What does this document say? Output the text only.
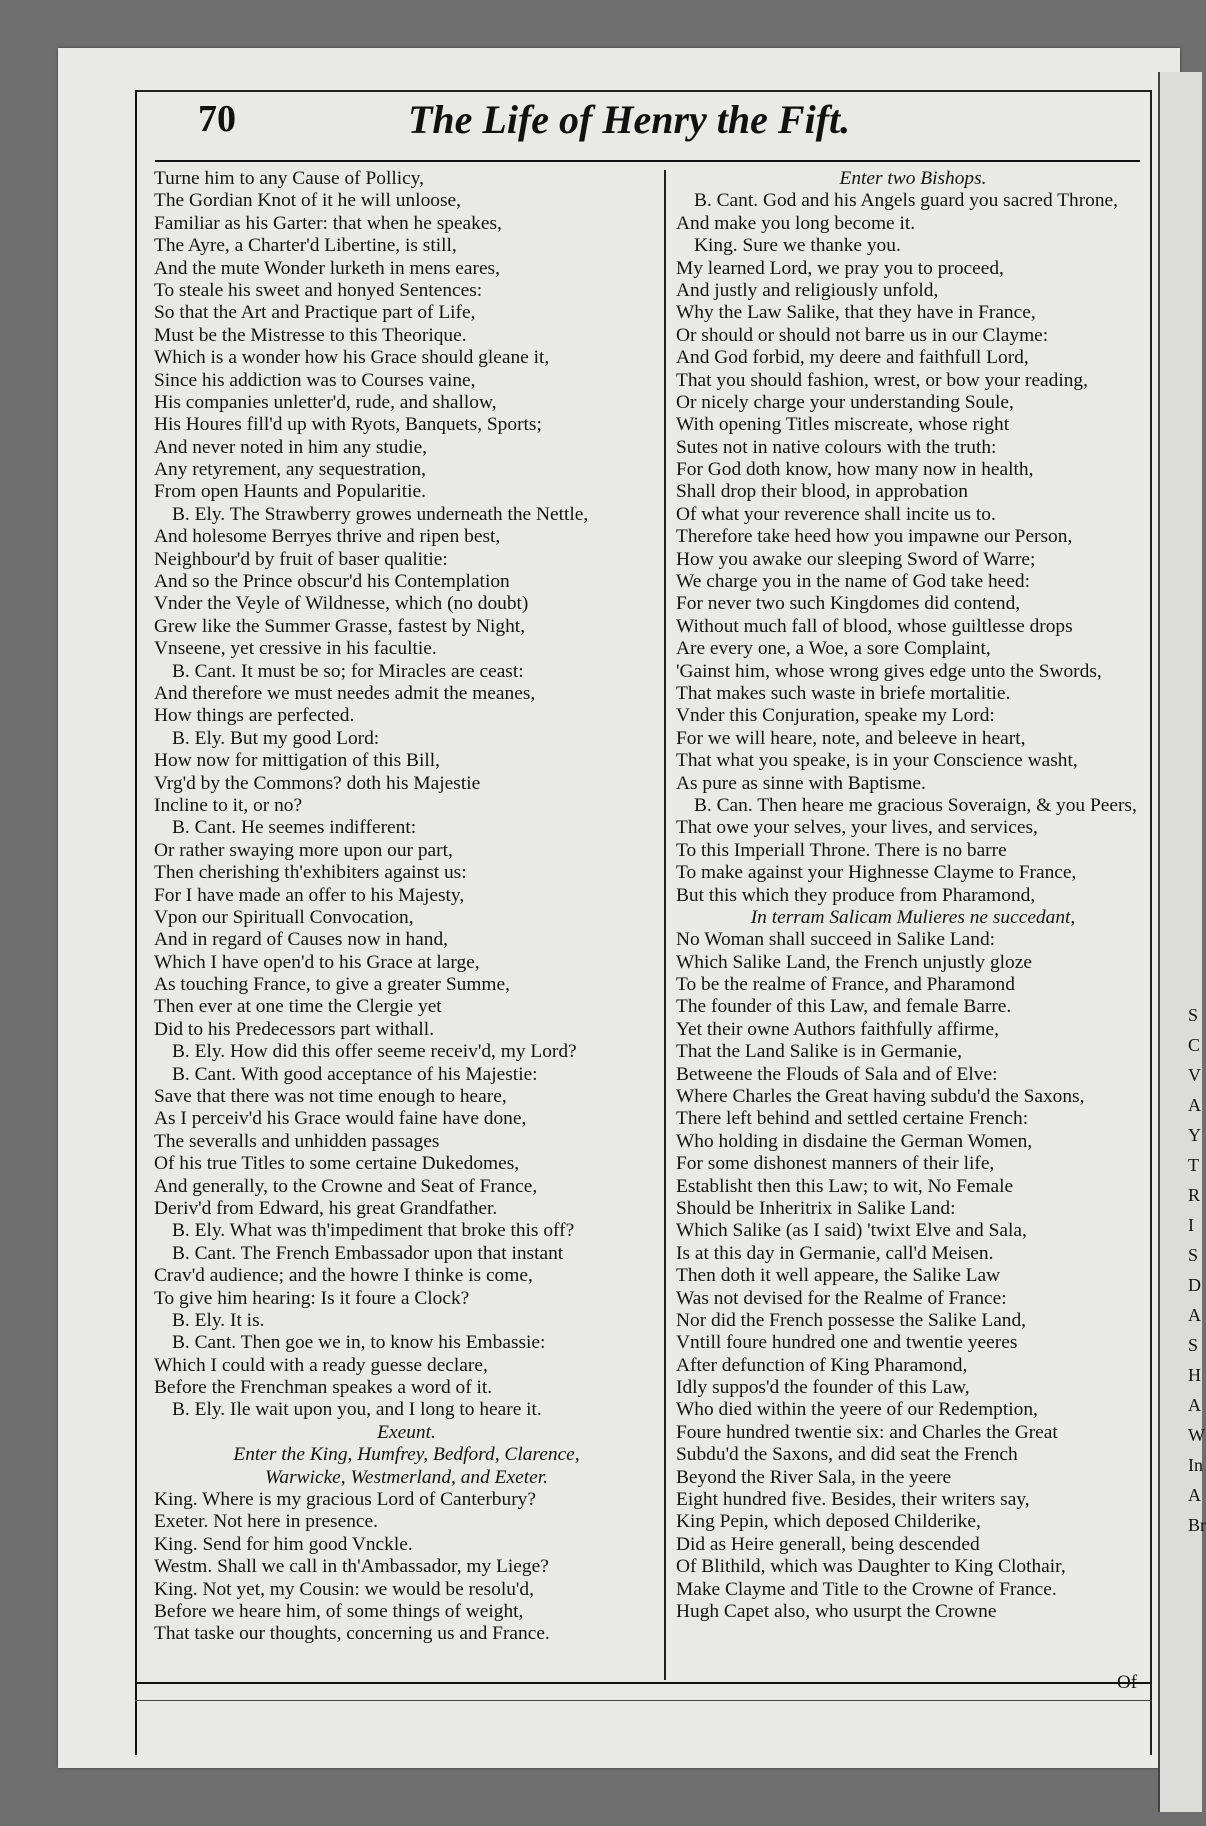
S
C
V
A
Y
T
R
I
S
D
A
S
H
A
W
In
A
Br
70	The Life of Henry the Fift.
Turne him to any Cause of Pollicy,
The Gordian Knot of it he will unloose,
Familiar as his Garter: that when he speakes,
The Ayre, a Charter'd Libertine, is still,
And the mute Wonder lurketh in mens eares,
To steale his sweet and honyed Sentences:
So that the Art and Practique part of Life,
Must be the Mistresse to this Theorique.
Which is a wonder how his Grace should gleane it,
Since his addiction was to Courses vaine,
His companies unletter'd, rude, and shallow,
His Houres fill'd up with Ryots, Banquets, Sports;
And never noted in him any studie,
Any retyrement, any sequestration,
From open Haunts and Popularitie.
B. Ely. The Strawberry growes underneath the Nettle,
And holesome Berryes thrive and ripen best,
Neighbour'd by fruit of baser qualitie:
And so the Prince obscur'd his Contemplation
Vnder the Veyle of Wildnesse, which (no doubt)
Grew like the Summer Grasse, fastest by Night,
Vnseene, yet cressive in his facultie.
B. Cant. It must be so; for Miracles are ceast:
And therefore we must needes admit the meanes,
How things are perfected.
B. Ely. But my good Lord:
How now for mittigation of this Bill,
Vrg'd by the Commons? doth his Majestie
Incline to it, or no?
B. Cant. He seemes indifferent:
Or rather swaying more upon our part,
Then cherishing th'exhibiters against us:
For I have made an offer to his Majesty,
Vpon our Spirituall Convocation,
And in regard of Causes now in hand,
Which I have open'd to his Grace at large,
As touching France, to give a greater Summe,
Then ever at one time the Clergie yet
Did to his Predecessors part withall.
B. Ely. How did this offer seeme receiv'd, my Lord?
B. Cant. With good acceptance of his Majestie:
Save that there was not time enough to heare,
As I perceiv'd his Grace would faine have done,
The severalls and unhidden passages
Of his true Titles to some certaine Dukedomes,
And generally, to the Crowne and Seat of France,
Deriv'd from Edward, his great Grandfather.
B. Ely. What was th'impediment that broke this off?
B. Cant. The French Embassador upon that instant
Crav'd audience; and the howre I thinke is come,
To give him hearing: Is it foure a Clock?
B. Ely. It is.
B. Cant. Then goe we in, to know his Embassie:
Which I could with a ready guesse declare,
Before the Frenchman speakes a word of it.
B. Ely. Ile wait upon you, and I long to heare it.
Exeunt.
Enter the King, Humfrey, Bedford, Clarence,
Warwicke, Westmerland, and Exeter.
King. Where is my gracious Lord of Canterbury?
Exeter. Not here in presence.
King. Send for him good Vnckle.
Westm. Shall we call in th'Ambassador, my Liege?
King. Not yet, my Cousin: we would be resolu'd,
Before we heare him, of some things of weight,
That taske our thoughts, concerning us and France.
Enter two Bishops.
B. Cant. God and his Angels guard you sacred Throne,
And make you long become it.
King. Sure we thanke you.
My learned Lord, we pray you to proceed,
And justly and religiously unfold,
Why the Law Salike, that they have in France,
Or should or should not barre us in our Clayme:
And God forbid, my deere and faithfull Lord,
That you should fashion, wrest, or bow your reading,
Or nicely charge your understanding Soule,
With opening Titles miscreate, whose right
Sutes not in native colours with the truth:
For God doth know, how many now in health,
Shall drop their blood, in approbation
Of what your reverence shall incite us to.
Therefore take heed how you impawne our Person,
How you awake our sleeping Sword of Warre;
We charge you in the name of God take heed:
For never two such Kingdomes did contend,
Without much fall of blood, whose guiltlesse drops
Are every one, a Woe, a sore Complaint,
'Gainst him, whose wrong gives edge unto the Swords,
That makes such waste in briefe mortalitie.
Vnder this Conjuration, speake my Lord:
For we will heare, note, and beleeve in heart,
That what you speake, is in your Conscience washt,
As pure as sinne with Baptisme.
B. Can. Then heare me gracious Soveraign, & you Peers,
That owe your selves, your lives, and services,
To this Imperiall Throne. There is no barre
To make against your Highnesse Clayme to France,
But this which they produce from Pharamond,
In terram Salicam Mulieres ne succedant,
No Woman shall succeed in Salike Land:
Which Salike Land, the French unjustly gloze
To be the realme of France, and Pharamond
The founder of this Law, and female Barre.
Yet their owne Authors faithfully affirme,
That the Land Salike is in Germanie,
Betweene the Flouds of Sala and of Elve:
Where Charles the Great having subdu'd the Saxons,
There left behind and settled certaine French:
Who holding in disdaine the German Women,
For some dishonest manners of their life,
Establisht then this Law; to wit, No Female
Should be Inheritrix in Salike Land:
Which Salike (as I said) 'twixt Elve and Sala,
Is at this day in Germanie, call'd Meisen.
Then doth it well appeare, the Salike Law
Was not devised for the Realme of France:
Nor did the French possesse the Salike Land,
Vntill foure hundred one and twentie yeeres
After defunction of King Pharamond,
Idly suppos'd the founder of this Law,
Who died within the yeere of our Redemption,
Foure hundred twentie six: and Charles the Great
Subdu'd the Saxons, and did seat the French
Beyond the River Sala, in the yeere
Eight hundred five. Besides, their writers say,
King Pepin, which deposed Childerike,
Did as Heire generall, being descended
Of Blithild, which was Daughter to King Clothair,
Make Clayme and Title to the Crowne of France.
Hugh Capet also, who usurpt the Crowne
Of
